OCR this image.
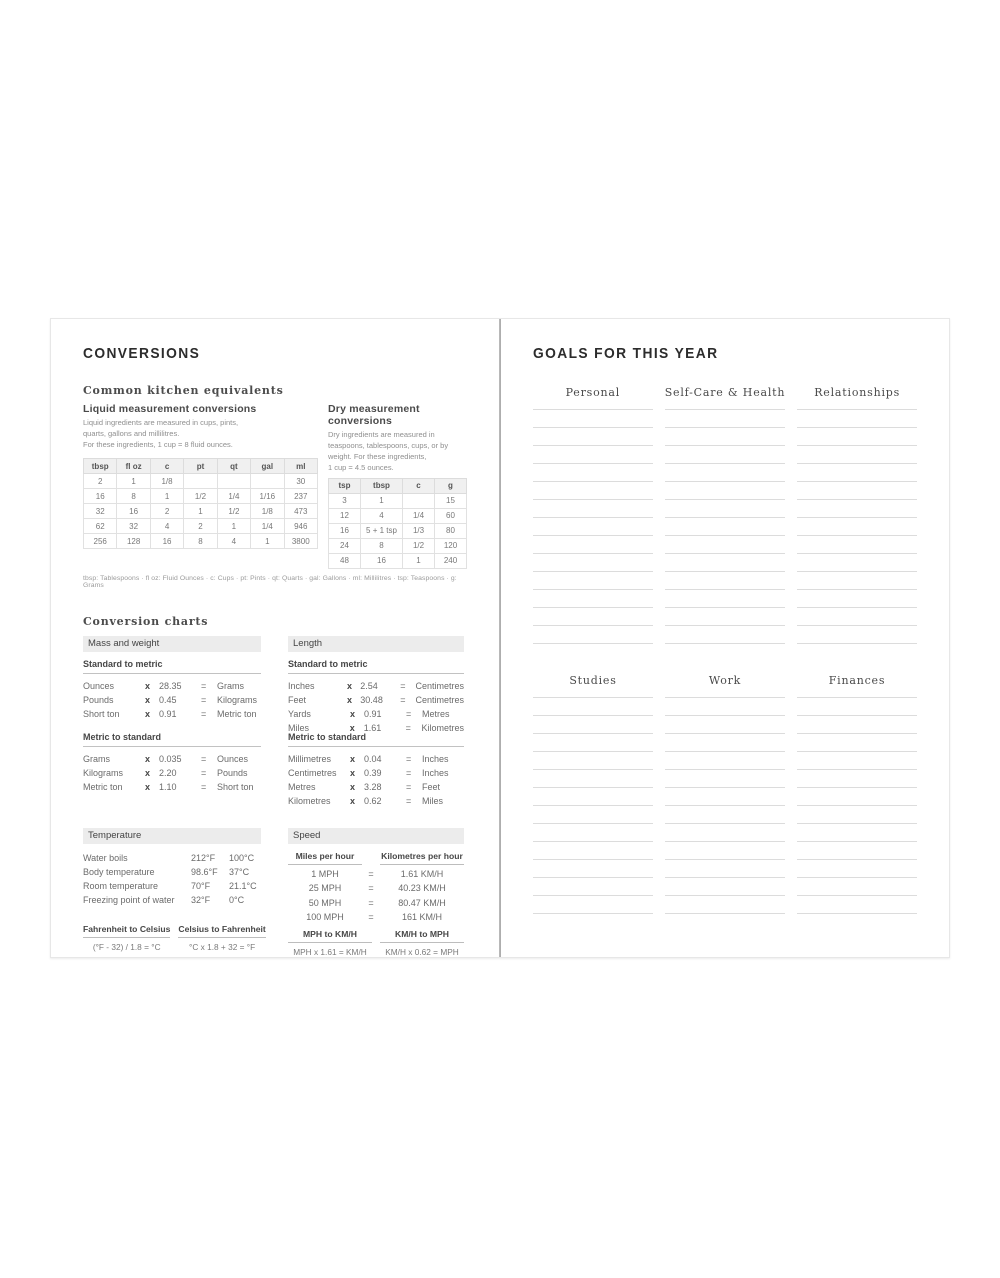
CONVERSIONS
Common kitchen equivalents
Liquid measurement conversions
Liquid ingredients are measured in cups, pints,
quarts, gallons and millilitres.
For these ingredients, 1 cup = 8 fluid ounces.
tbsp	fl oz	c	pt	qt	gal	ml
2	1	1/8				30
16	8	1	1/2	1/4	1/16	237
32	16	2	1	1/2	1/8	473
62	32	4	2	1	1/4	946
256	128	16	8	4	1	3800
Dry measurement conversions
Dry ingredients are measured in
teaspoons, tablespoons, cups, or by
weight. For these ingredients,
1 cup = 4.5 ounces.
tsp	tbsp	c	g
3	1		15
12	4	1/4	60
16	5 + 1 tsp	1/3	80
24	8	1/2	120
48	16	1	240
tbsp: Tablespoons · fl oz: Fluid Ounces · c: Cups · pt: Pints · qt: Quarts · gal: Gallons · ml: Millilitres · tsp: Teaspoons · g: Grams
Conversion charts
Mass and weight
Standard to metric
Ounces	x 28.35	=	Grams
Pounds	x 0.45	=	Kilograms
Short ton	x 0.91	=	Metric ton
Metric to standard
Grams	x 0.035	=	Ounces
Kilograms	x 2.20	=	Pounds
Metric ton	x 1.10	=	Short ton
Temperature
Water boils	212°F	100°C
Body temperature	98.6°F	37°C
Room temperature	70°F	21.1°C
Freezing point of water	32°F	0°C
Fahrenheit to Celsius
(°F - 32) / 1.8 = °C
Celsius to Fahrenheit
°C x 1.8 + 32 = °F
Length
Standard to metric
Inches	x 2.54	=	Centimetres
Feet	x 30.48	=	Centimetres
Yards	x 0.91	=	Metres
Miles	x 1.61	=	Kilometres
Metric to standard
Millimetres	x 0.04	=	Inches
Centimetres	x 0.39	=	Inches
Metres	x 3.28	=	Feet
Kilometres	x 0.62	=	Miles
Speed
Miles per hour	Kilometres per hour
1 MPH	=	1.61 KM/H
25 MPH	=	40.23 KM/H
50 MPH	=	80.47 KM/H
100 MPH	=	161 KM/H
MPH to KM/H
MPH x 1.61 = KM/H
KM/H to MPH
KM/H x 0.62 = MPH
GOALS FOR THIS YEAR
Personal	Self-Care & Health	Relationships
Studies	Work	Finances
